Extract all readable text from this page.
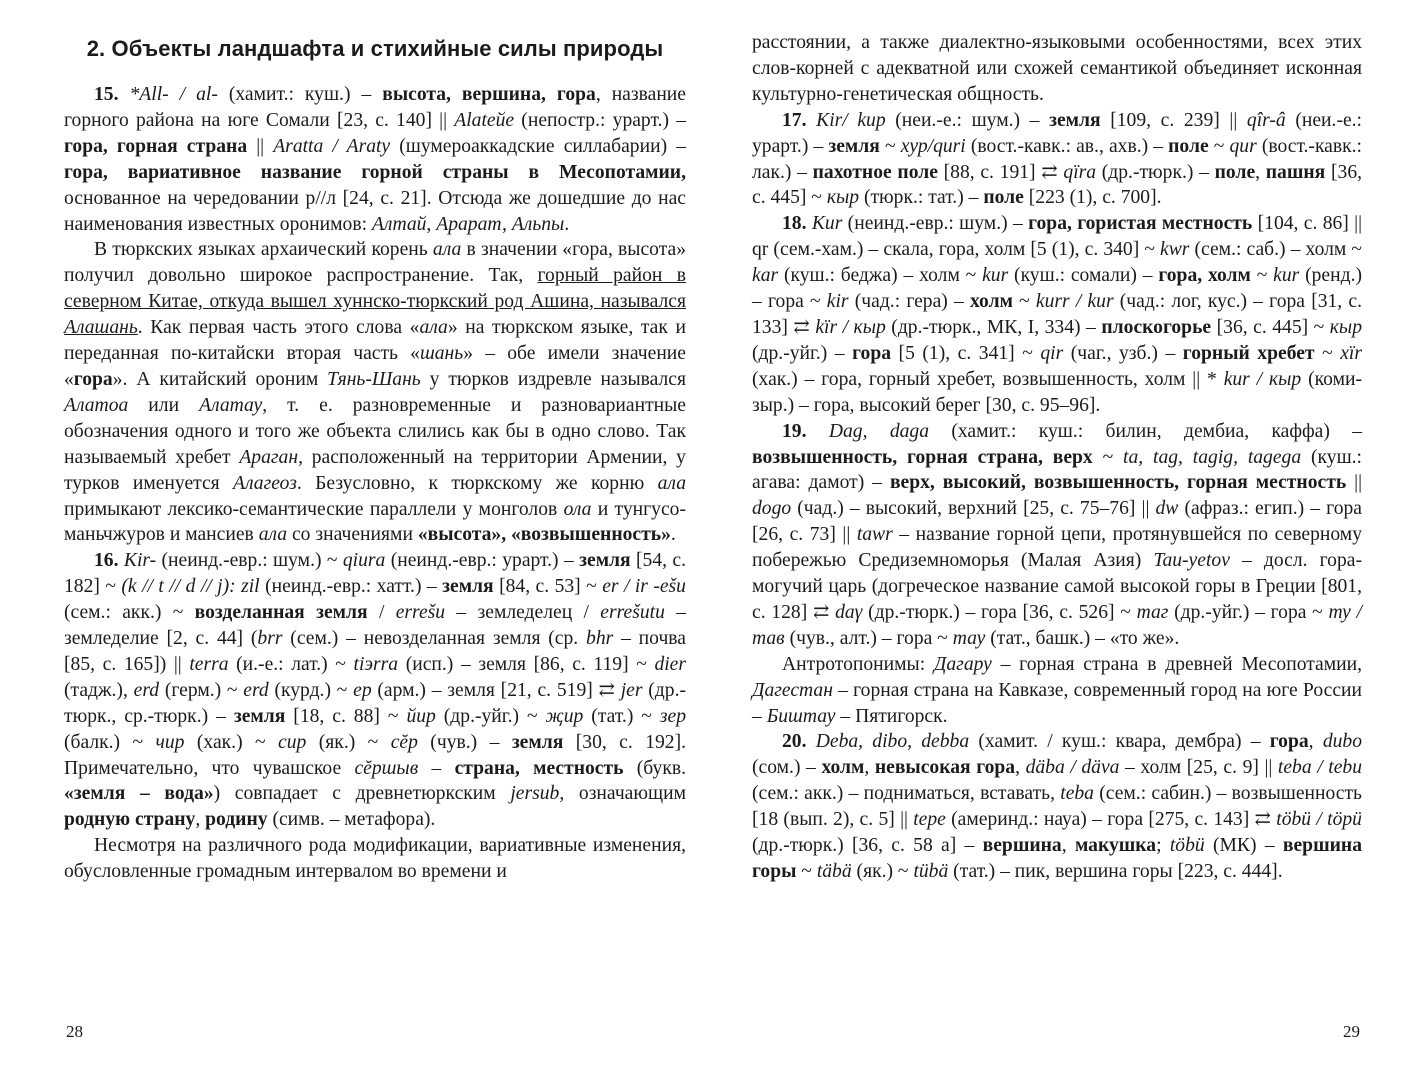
2. Объекты ландшафта и стихийные силы природы

15. *All- / al- (хамит.: куш.) – высота, вершина, гора, название горного района на юге Сомали [23, с. 140] || Alateйe (непостр.: урарт.) – гора, горная страна || Aratta / Araty (шумероаккадские силлабарии) – гора, вариативное название горной страны в Месопотамии, основанное на чередовании р//л [24, с. 21]. Отсюда же дошедшие до нас наименования известных оронимов: Алтай, Арарат, Альпы.

В тюркских языках архаический корень ала в значении «гора, высота» получил довольно широкое распространение. Так, горный район в северном Китае, откуда вышел хуннско-тюркский род Ашина, назывался Алашань. Как первая часть этого слова «ала» на тюркском языке, так и переданная по-китайски вторая часть «шань» – обе имели значение «гора». А китайский ороним Тянь-Шань у тюрков издревле назывался Алатоа или Алатау, т. е. разновременные и разновариантные обозначения одного и того же объекта слились как бы в одно слово. Так называемый хребет Араган, расположенный на территории Армении, у турков именуется Алагеоз. Безусловно, к тюркскому же корню ала примыкают лексико-семантические параллели у монголов ола и тунгусо-маньчжуров и мансиев ала со значениями «высота», «возвышенность».

16. Kir- (неинд.-евр.: шум.) ~ qiura (неинд.-евр.: урарт.) – земля [54, с. 182] ~ (k // t // d // j): zil (неинд.-евр.: хатт.) – земля [84, с. 53] ~ er / ir -ešu (сем.: акк.) ~ возделанная земля / errešu – земледелец / errešutu – земледелие [2, с. 44] (brr (сем.) – невозделанная земля (ср. bhr – почва [85, с. 165]) || terra (и.-е.: лат.) ~ tiэrra (исп.) – земля [86, с. 119] ~ dier (тадж.), erd (герм.) ~ erd (курд.) ~ ер (арм.) – земля [21, с. 519] ⇄ jer (др.-тюрк., ср.-тюрк.) – земля [18, с. 88] ~ йир (др.-уйг.) ~ җир (тат.) ~ зер (балк.) ~ чир (хак.) ~ сир (як.) ~ сĕр (чув.) – земля [30, с. 192]. Примечательно, что чувашское сĕршыв – страна, местность (букв. «земля – вода») совпадает с древнетюркским jersub, означающим родную страну, родину (симв. – метафора).

Несмотря на различного рода модификации, вариативные изменения, обусловленные громадным интервалом во времени и

28

расстоянии, а также диалектно-языковыми особенностями, всех этих слов-корней с адекватной или схожей семантикой объединяет исконная культурно-генетическая общность.

17. Kir/ kup (неи.-е.: шум.) – земля [109, с. 239] || qîr-â (неи.-е.: урарт.) – земля ~ хур/quri (вост.-кавк.: ав., ахв.) – поле ~ qur (вост.-кавк.: лак.) – пахотное поле [88, с. 191] ⇄ qïra (др.-тюрк.) – поле, пашня [36, с. 445] ~ кыр (тюрк.: тат.) – поле [223 (1), с. 700].

18. Kur (неинд.-евр.: шум.) – гора, гористая местность [104, с. 86] || qr (сем.-хам.) – скала, гора, холм [5 (1), с. 340] ~ kwr (сем.: саб.) – холм ~ kar (куш.: беджа) – холм ~ kur (куш.: сомали) – гора, холм ~ kur (ренд.) – гора ~ kir (чад.: гера) – холм ~ kurr / kur (чад.: лог, кус.) – гора [31, с. 133] ⇄ kïr / кыр (др.-тюрк., МК, I, 334) – плоскогорье [36, с. 445] ~ кыр (др.-уйг.) – гора [5 (1), с. 341] ~ qir (чаг., узб.) – горный хребет ~ xïr (хак.) – гора, горный хребет, возвышенность, холм || * kur / кыр (коми-зыр.) – гора, высокий берег [30, с. 95–96].

19. Dag, daga (хамит.: куш.: билин, дембиа, каффа) – возвышенность, горная страна, верх ~ ta, tag, tagig, tagega (куш.: агава: дамот) – верх, высокий, возвышенность, горная местность || dogo (чад.) – высокий, верхний [25, с. 75–76] || dw (афраз.: егип.) – гора [26, с. 73] || tawr – название горной цепи, протянувшейся по северному побережью Средиземноморья (Малая Азия) Tau-yetov – досл. гора-могучий царь (догреческое название самой высокой горы в Греции [801, с. 128] ⇄ daγ (др.-тюрк.) – гора [36, с. 526] ~ таг (др.-уйг.) – гора ~ ту / тав (чув., алт.) – гора ~ тау (тат., башк.) – «то же».

Антротопонимы: Дагару – горная страна в древней Месопотамии, Дагестан – горная страна на Кавказе, современный город на юге России – Биштау – Пятигорск.

20. Deba, dibo, debba (хамит. / куш.: квара, дембра) – гора, dubo (сом.) – холм, невысокая гора, däba / däva – холм [25, с. 9] || teba / tebu (сем.: акк.) – подниматься, вставать, teba (сем.: сабин.) – возвышенность [18 (вып. 2), с. 5] || tepe (америнд.: науа) – гора [275, с. 143] ⇄ töbü / töpü (др.-тюрк.) [36, с. 58 a] – вершина, макушка; töbü (МК) – вершина горы ~ täbä (як.) ~ tübä (тат.) – пик, вершина горы [223, с. 444].

29
